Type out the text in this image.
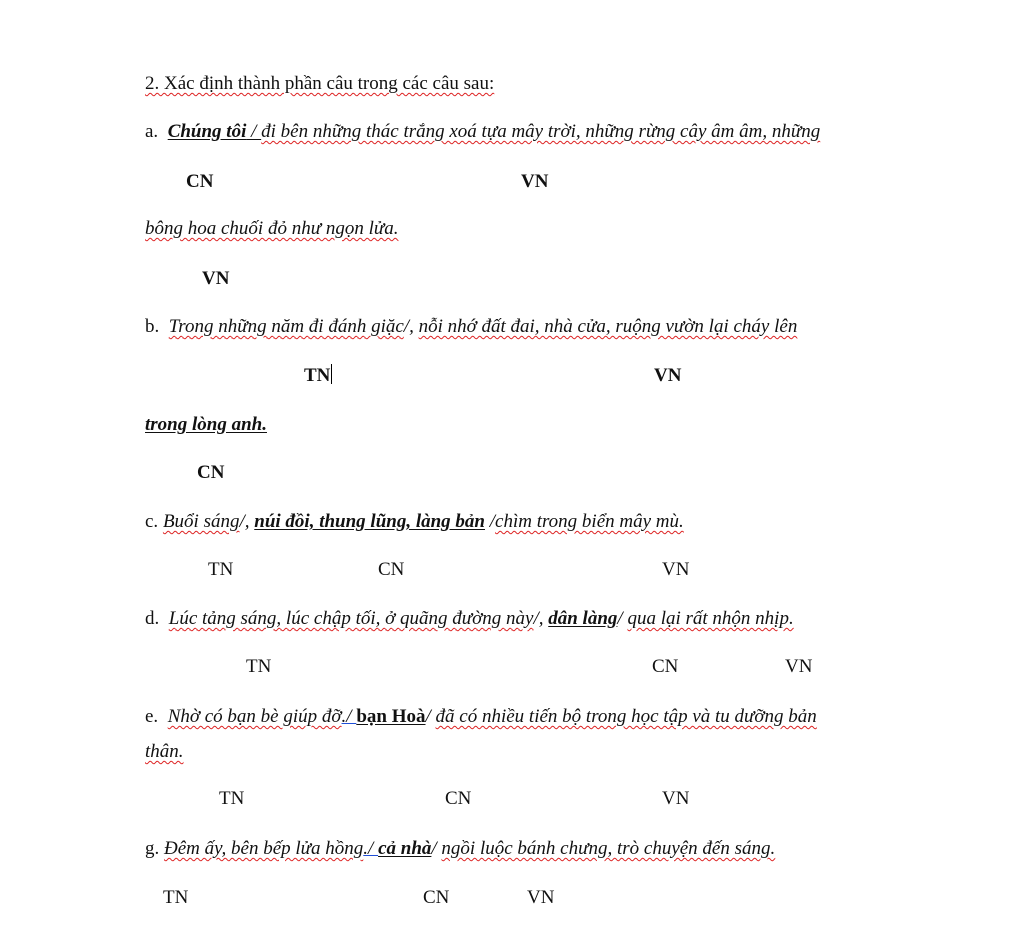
2. Xác định thành phần câu trong các câu sau:
a. Chúng tôi / đi bên những thác trắng xoá tựa mây trời, những rừng cây âm âm, những
CN	VN
bông hoa chuối đỏ như ngọn lửa.
VN
b. Trong những năm đi đánh giặc/, nỗi nhớ đất đai, nhà cửa, ruộng vườn lại cháy lên
TN	VN
trong lòng anh.
CN
c. Buổi sáng/, núi đồi, thung lũng, làng bản /chìm trong biển mây mù.
TN	CN	VN
d. Lúc tảng sáng, lúc chập tối, ở quãng đường này/, dân làng/ qua lại rất nhộn nhịp.
TN	CN	VN
e. Nhờ có bạn bè giúp đỡ./ bạn Hoà/ đã có nhiều tiến bộ trong học tập và tu dưỡng bản
thân.
TN	CN	VN
g. Đêm ấy, bên bếp lửa hồng./ cả nhà/ ngồi luộc bánh chưng, trò chuyện đến sáng.
TN	CN	VN
